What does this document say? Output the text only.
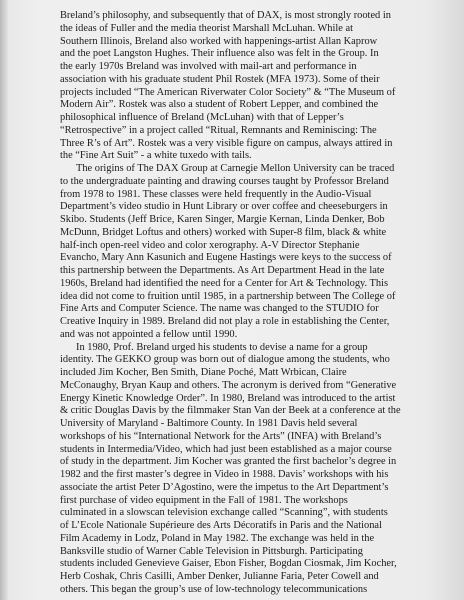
Breland’s philosophy, and subsequently that of DAX, is most strongly rooted in
the ideas of Fuller and the media theorist Marshall McLuhan. While at
Southern Illinois, Breland also worked with happenings-artist Allan Kaprow
and the poet Langston Hughes. Their influence also was felt in the Group. In
the early 1970s Breland was involved with mail-art and performance in
association with his graduate student Phil Rostek (MFA 1973). Some of their
projects included “The American Riverwater Color Society” & “The Museum of
Modern Air”. Rostek was also a student of Robert Lepper, and combined the
philosophical influence of Breland (McLuhan) with that of Lepper’s
“Retrospective” in a project called “Ritual, Remnants and Reminiscing: The
Three R’s of Art”. Rostek was a very visible figure on campus, always attired in
the “Fine Art Suit” - a white tuxedo with tails.

The origins of The DAX Group at Carnegie Mellon University can be traced
to the undergraduate painting and drawing courses taught by Professor Breland
from 1978 to 1981. These classes were held frequently in the Audio-Visual
Department’s video studio in Hunt Library or over coffee and cheeseburgers in
Skibo. Students (Jeff Brice, Karen Singer, Margie Kernan, Linda Denker, Bob
McDunn, Bridget Loftus and others) worked with Super-8 film, black & white
half-inch open-reel video and color xerography. A-V Director Stephanie
Evancho, Mary Ann Kasunich and Eugene Hastings were keys to the success of
this partnership between the Departments. As Art Department Head in the late
1960s, Breland had identified the need for a Center for Art & Technology. This
idea did not come to fruition until 1985, in a partnership between The College of
Fine Arts and Computer Science. The name was changed to the STUDIO for
Creative Inquiry in 1989. Breland did not play a role in establishing the Center,
and was not appointed a fellow until 1990.

In 1980, Prof. Breland urged his students to devise a name for a group
identity. The GEKKO group was born out of dialogue among the students, who
included Jim Kocher, Ben Smith, Diane Poché, Matt Wrbican, Claire
McConaughy, Bryan Kaup and others. The acronym is derived from “Generative
Energy Kinetic Knowledge Order”. In 1980, Breland was introduced to the artist
& critic Douglas Davis by the filmmaker Stan Van der Beek at a conference at the
University of Maryland - Baltimore County. In 1981 Davis held several
workshops of his “International Network for the Arts” (INFA) with Breland’s
students in Intermedia/Video, which had just been established as a major course
of study in the department. Jim Kocher was granted the first bachelor’s degree in
1982 and the first master’s degree in Video in 1988. Davis’ workshops with his
associate the artist Peter D’Agostino, were the impetus to the Art Department’s
first purchase of video equipment in the Fall of 1981. The workshops
culminated in a slowscan television exchange called “Scanning”, with students
of L’Ecole Nationale Supérieure des Arts Décoratifs in Paris and the National
Film Academy in Lodz, Poland in May 1982. The exchange was held in the
Banksville studio of Warner Cable Television in Pittsburgh. Participating
students included Genevieve Gaiser, Ebon Fisher, Bogdan Ciosmak, Jim Kocher,
Herb Coshak, Chris Casilli, Amber Denker, Julianne Faria, Peter Cowell and
others. This began the group’s use of low-technology telecommunications
